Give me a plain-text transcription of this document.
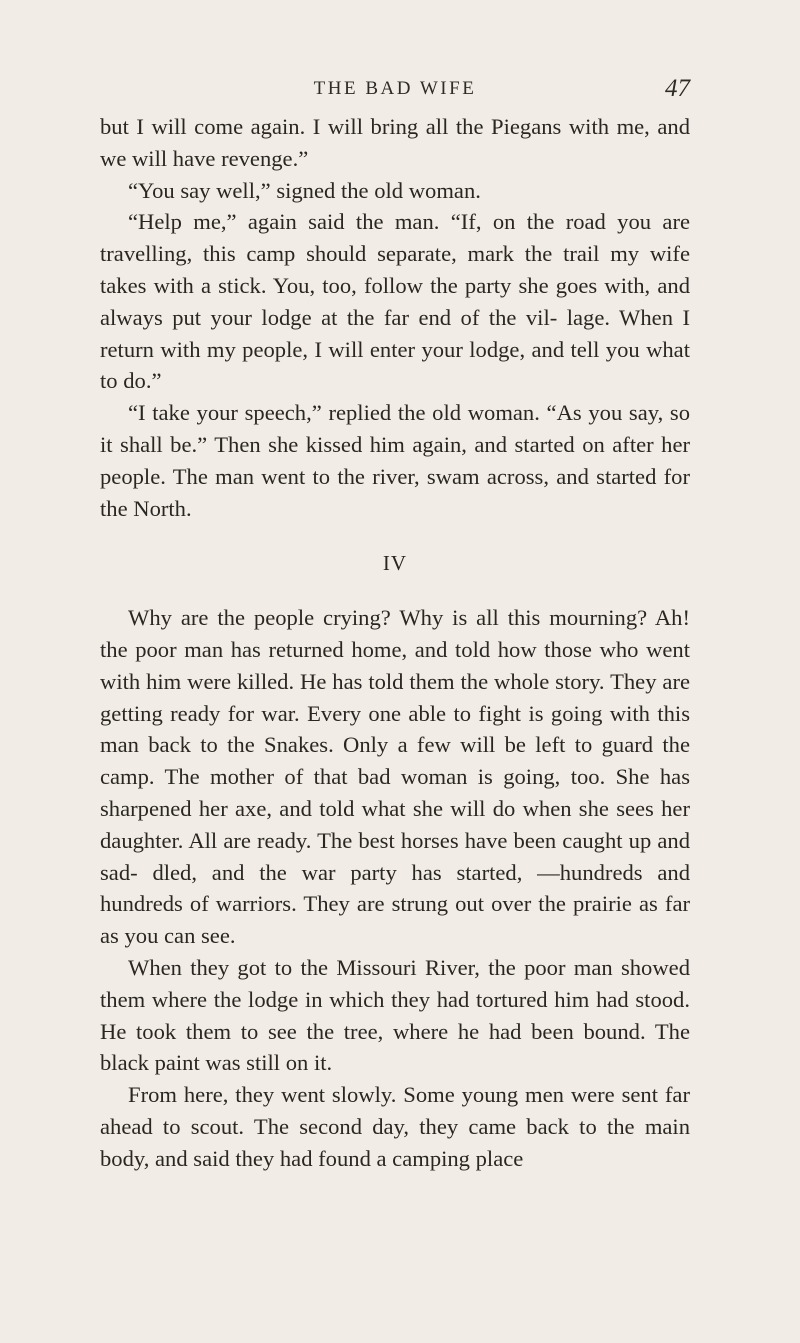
THE BAD WIFE	47

but I will come again. I will bring all the Piegans with me, and we will have revenge.”

“You say well,” signed the old woman.

“Help me,” again said the man. “If, on the road you are travelling, this camp should separate, mark the trail my wife takes with a stick. You, too, follow the party she goes with, and always put your lodge at the far end of the vil- lage. When I return with my people, I will enter your lodge, and tell you what to do.”

“I take your speech,” replied the old woman. “As you say, so it shall be.” Then she kissed him again, and started on after her people. The man went to the river, swam across, and started for the North.

IV

Why are the people crying? Why is all this mourning? Ah! the poor man has returned home, and told how those who went with him were killed. He has told them the whole story. They are getting ready for war. Every one able to fight is going with this man back to the Snakes. Only a few will be left to guard the camp. The mother of that bad woman is going, too. She has sharpened her axe, and told what she will do when she sees her daughter. All are ready. The best horses have been caught up and sad- dled, and the war party has started, —hundreds and hundreds of warriors. They are strung out over the prairie as far as you can see.

When they got to the Missouri River, the poor man showed them where the lodge in which they had tortured him had stood. He took them to see the tree, where he had been bound. The black paint was still on it.

From here, they went slowly. Some young men were sent far ahead to scout. The second day, they came back to the main body, and said they had found a camping place
